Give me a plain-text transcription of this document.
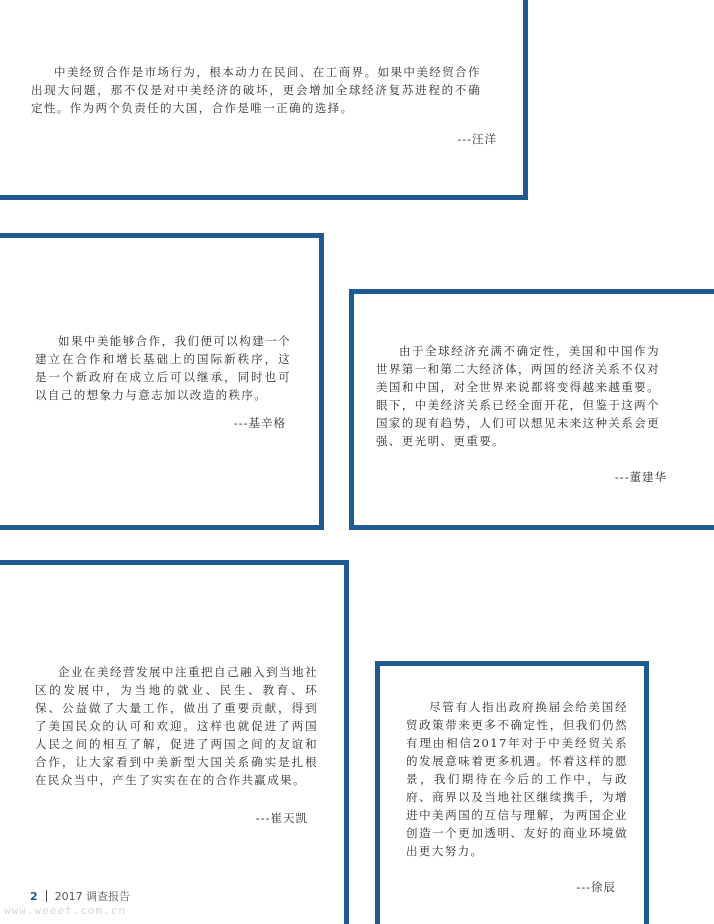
中美经贸合作是市场行为，根本动力在民间、在工商界。如果中美经贸合作出现大问题，那不仅是对中美经济的破坏，更会增加全球经济复苏进程的不确定性。作为两个负责任的大国，合作是唯一正确的选择。

---汪洋

如果中美能够合作，我们便可以构建一个建立在合作和增长基础上的国际新秩序，这是一个新政府在成立后可以继承，同时也可以自己的想象力与意志加以改造的秩序。

---基辛格

由于全球经济充满不确定性，美国和中国作为世界第一和第二大经济体，两国的经济关系不仅对美国和中国，对全世界来说都将变得越来越重要。眼下，中美经济关系已经全面开花，但鉴于这两个国家的现有趋势，人们可以想见未来这种关系会更强、更光明、更重要。

---董建华

企业在美经营发展中注重把自己融入到当地社区的发展中，为当地的就业、民生、教育、环保、公益做了大量工作，做出了重要贡献，得到了美国民众的认可和欢迎。这样也就促进了两国人民之间的相互了解，促进了两国之间的友谊和合作，让大家看到中美新型大国关系确实是扎根在民众当中，产生了实实在在的合作共赢成果。

---崔天凯

尽管有人指出政府换届会给美国经贸政策带来更多不确定性，但我们仍然有理由相信2017年对于中美经贸关系的发展意味着更多机遇。怀着这样的愿景，我们期待在今后的工作中，与政府、商界以及当地社区继续携手，为增进中美两国的互信与理解，为两国企业创造一个更加透明、友好的商业环境做出更大努力。

---徐辰

2 2017 调查报告
www.weeet.com.cn
